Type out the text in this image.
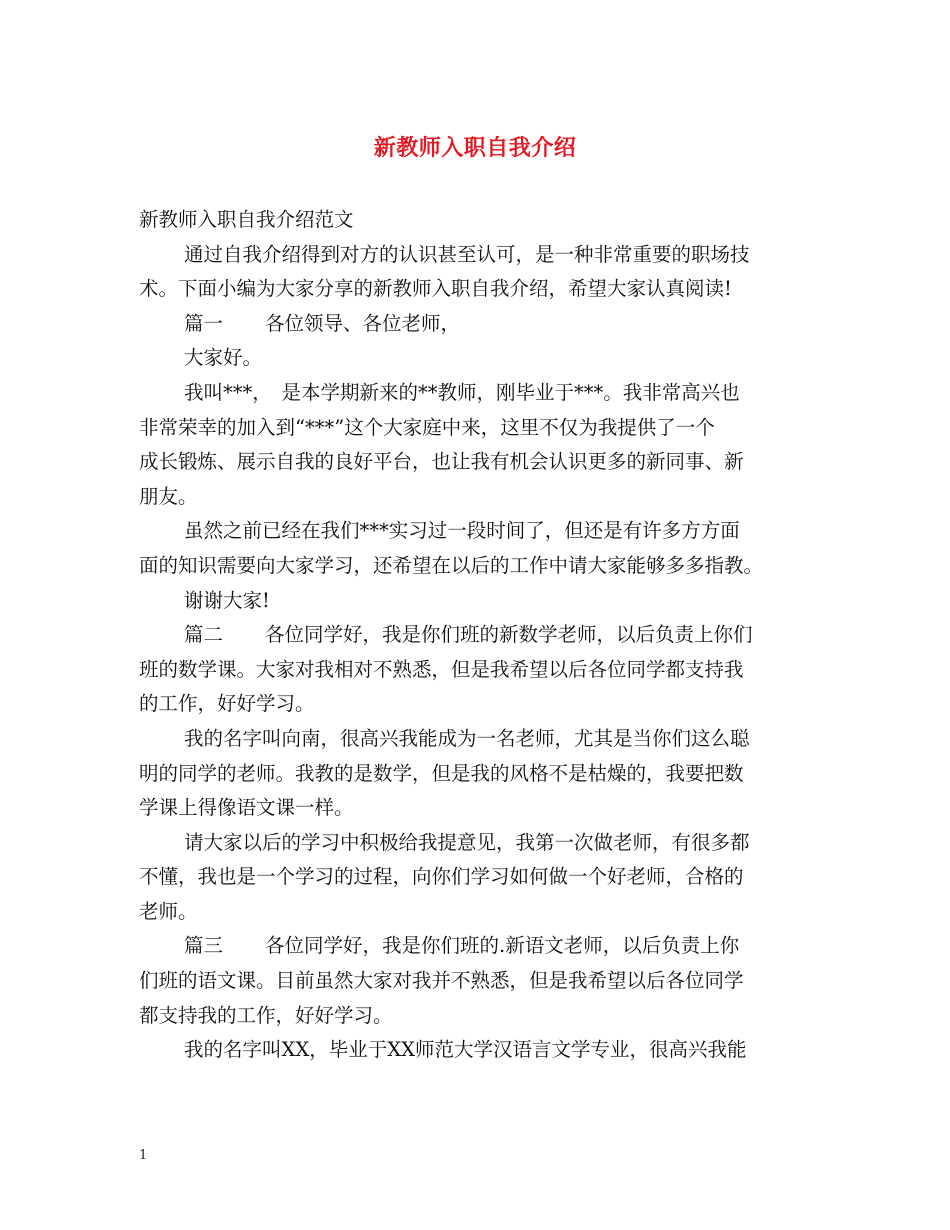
新教师入职自我介绍
新教师入职自我介绍范文
通过自我介绍得到对方的认识甚至认可，是一种非常重要的职场技
术。下面小编为大家分享的新教师入职自我介绍，希望大家认真阅读!
篇一 各位领导、各位老师，
大家好。
我叫***，　是本学期新来的**教师，刚毕业于***。我非常高兴也
非常荣幸的加入到“***”这个大家庭中来，这里不仅为我提供了一个
成长锻炼、展示自我的良好平台，也让我有机会认识更多的新同事、新
朋友。
虽然之前已经在我们***实习过一段时间了，但还是有许多方方面
面的知识需要向大家学习，还希望在以后的工作中请大家能够多多指教。
谢谢大家!
篇二 各位同学好，我是你们班的新数学老师，以后负责上你们
班的数学课。大家对我相对不熟悉，但是我希望以后各位同学都支持我
的工作，好好学习。
我的名字叫向南，很高兴我能成为一名老师，尤其是当你们这么聪
明的同学的老师。我教的是数学，但是我的风格不是枯燥的，我要把数
学课上得像语文课一样。
请大家以后的学习中积极给我提意见，我第一次做老师，有很多都
不懂，我也是一个学习的过程，向你们学习如何做一个好老师，合格的
老师。
篇三 各位同学好，我是你们班的.新语文老师，以后负责上你
们班的语文课。目前虽然大家对我并不熟悉，但是我希望以后各位同学
都支持我的工作，好好学习。
我的名字叫XX，毕业于XX师范大学汉语言文学专业，很高兴我能
1
